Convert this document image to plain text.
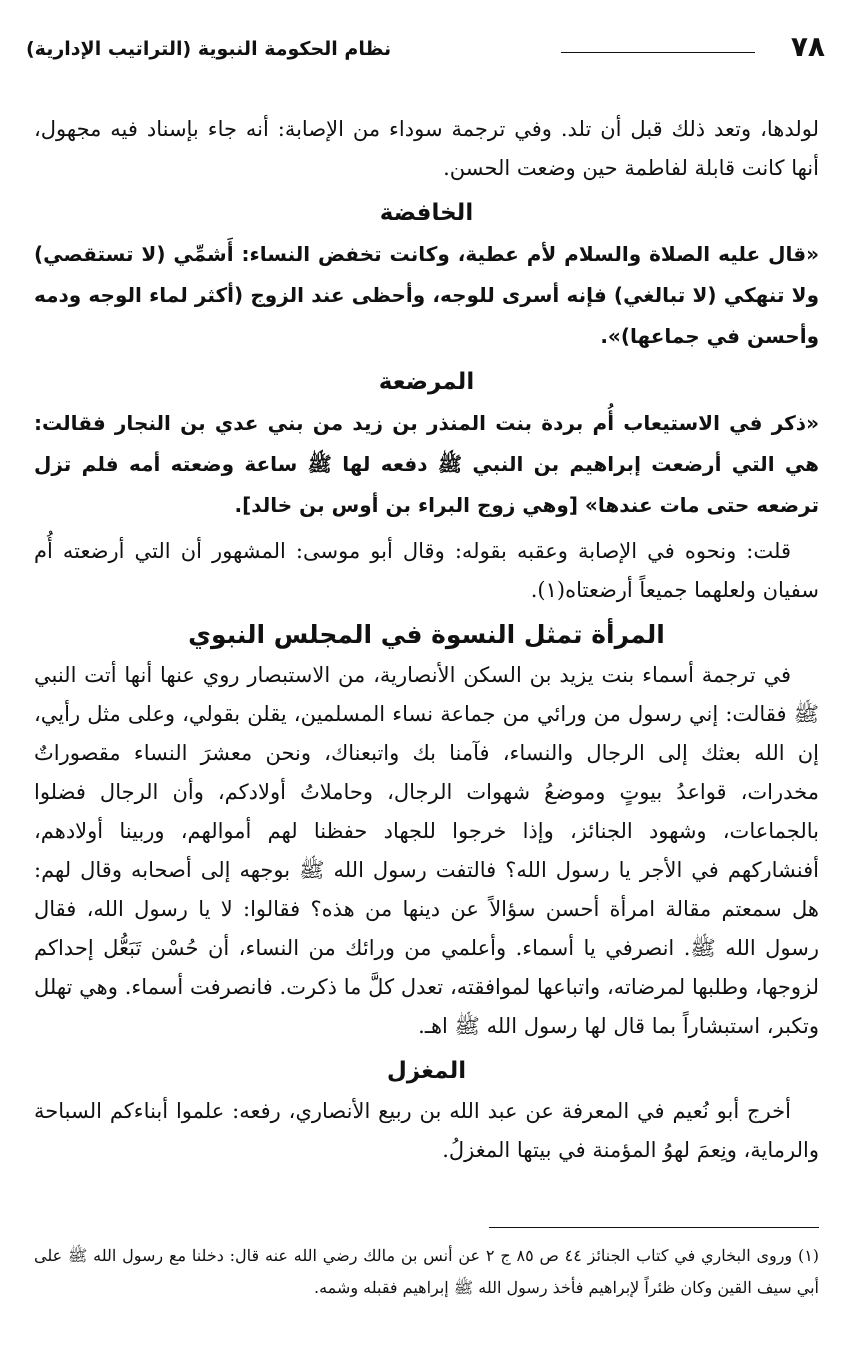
٧٨
نظام الحكومة النبوية (التراتيب الإدارية)

لولدها، وتعد ذلك قبل أن تلد. وفي ترجمة سوداء من الإصابة: أنه جاء بإسناد فيه مجهول، أنها كانت قابلة لفاطمة حين وضعت الحسن.

الخافضة

«قال عليه الصلاة والسلام لأم عطية، وكانت تخفض النساء: أَشمِّي (لا تستقصي) ولا تنهكي (لا تبالغي) فإنه أسرى للوجه، وأحظى عند الزوج (أكثر لماء الوجه ودمه وأحسن في جماعها)».

المرضعة

«ذكر في الاستيعاب أُم بردة بنت المنذر بن زيد من بني عدي بن النجار فقالت: هي التي أرضعت إبراهيم بن النبي ﷺ دفعه لها ﷺ ساعة وضعته أمه فلم تزل ترضعه حتى مات عندها» [وهي زوج البراء بن أوس بن خالد].

قلت: ونحوه في الإصابة وعقبه بقوله: وقال أبو موسى: المشهور أن التي أرضعته أُم سفيان ولعلهما جميعاً أرضعتاه(١).

المرأة تمثل النسوة في المجلس النبوي

في ترجمة أسماء بنت يزيد بن السكن الأنصارية، من الاستبصار روي عنها أنها أتت النبي ﷺ فقالت: إني رسول من ورائي من جماعة نساء المسلمين، يقلن بقولي، وعلى مثل رأيي، إن الله بعثك إلى الرجال والنساء، فآمنا بك واتبعناك، ونحن معشرَ النساء مقصوراتٌ مخدرات، قواعدُ بيوتٍ وموضعُ شهوات الرجال، وحاملاتُ أولادكم، وأن الرجال فضلوا بالجماعات، وشهود الجنائز، وإذا خرجوا للجهاد حفظنا لهم أموالهم، وربينا أولادهم، أفنشاركهم في الأجر يا رسول الله؟ فالتفت رسول الله ﷺ بوجهه إلى أصحابه وقال لهم: هل سمعتم مقالة امرأة أحسن سؤالاً عن دينها من هذه؟ فقالوا: لا يا رسول الله، فقال رسول الله ﷺ. انصرفي يا أسماء. وأعلمي من ورائك من النساء، أن حُسْن تَبَعُّل إحداكم لزوجها، وطلبها لمرضاته، واتباعها لموافقته، تعدل كلَّ ما ذكرت. فانصرفت أسماء. وهي تهلل وتكبر، استبشاراً بما قال لها رسول الله ﷺ اهـ.

المغزل

أخرج أبو نُعيم في المعرفة عن عبد الله بن ربيع الأنصاري، رفعه: علموا أبناءكم السباحة والرماية، ونِعمَ لهوُ المؤمنة في بيتها المغزلُ.

(١) وروى البخاري في كتاب الجنائز ٤٤ ص ٨٥ ج ٢ عن أنس بن مالك رضي الله عنه قال: دخلنا مع رسول الله ﷺ على أبي سيف القين وكان ظئراً لإبراهيم فأخذ رسول الله ﷺ إبراهيم فقبله وشمه.
